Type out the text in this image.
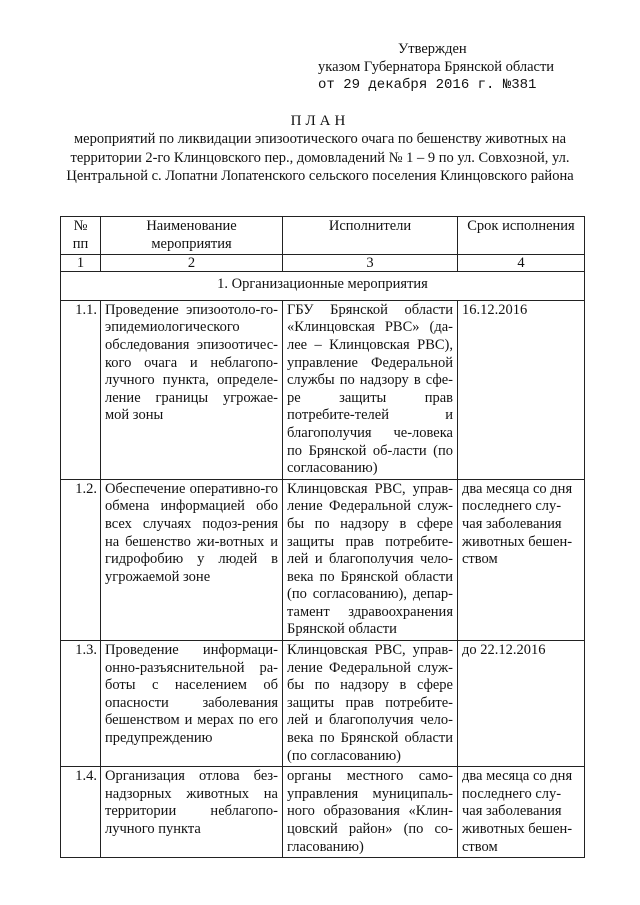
Утвержден
указом Губернатора Брянской области
от 29 декабря 2016 г. №381
ПЛАН
мероприятий по ликвидации эпизоотического очага по бешенству животных на территории 2-го Клинцовского пер., домовладений № 1 – 9 по ул. Совхозной, ул. Центральной с. Лопатни Лопатенского сельского поселения Клинцовского района
№ пп	Наименование мероприятия	Исполнители	Срок исполнения
1	2	3	4
1. Организационные мероприятия			
1.1.	Проведение эпизоотоло-го-эпидемиологического обследования эпизоотичес-кого очага и неблагопо-лучного пункта, определе-ление границы угрожае-мой зоны	ГБУ Брянской области «Клинцовская РВС» (да-лее – Клинцовская РВС), управление Федеральной службы по надзору в сфе-ре защиты прав потребите-телей и благополучия че-ловека по Брянской об-ласти (по согласованию)	16.12.2016
1.2.	Обеспечение оперативно-го обмена информацией обо всех случаях подоз-рения на бешенство жи-вотных и гидрофобию у людей в угрожаемой зоне	Клинцовская РВС, управ-ление Федеральной служ-бы по надзору в сфере защиты прав потребите-лей и благополучия чело-века по Брянской области (по согласованию), депар-тамент здравоохранения Брянской области	два месяца со дня последнего слу-чая заболевания животных бешен-ством
1.3.	Проведение информаци-онно-разъяснительной ра-боты с населением об опасности заболевания бешенством и мерах по его предупреждению	Клинцовская РВС, управ-ление Федеральной служ-бы по надзору в сфере защиты прав потребите-лей и благополучия чело-века по Брянской области (по согласованию)	до 22.12.2016
1.4.	Организация отлова без-надзорных животных на территории неблагопо-лучного пункта	органы местного само-управления муниципаль-ного образования «Клин-цовский район» (по со-гласованию)	два месяца со дня последнего слу-чая заболевания животных бешен-ством
